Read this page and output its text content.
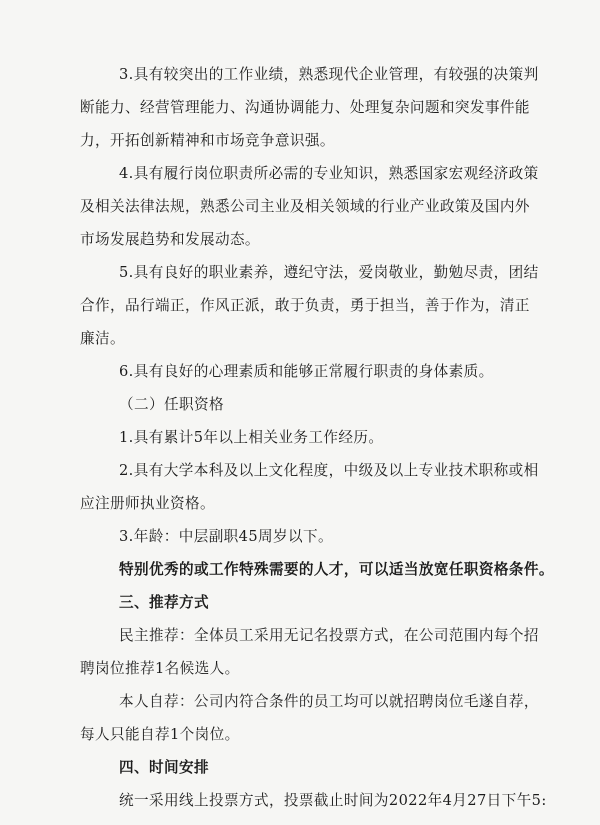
3.具有较突出的工作业绩，熟悉现代企业管理，有较强的决策判
断能力、经营管理能力、沟通协调能力、处理复杂问题和突发事件能
力，开拓创新精神和市场竞争意识强。
4.具有履行岗位职责所必需的专业知识，熟悉国家宏观经济政策
及相关法律法规，熟悉公司主业及相关领域的行业产业政策及国内外
市场发展趋势和发展动态。
5.具有良好的职业素养，遵纪守法，爱岗敬业，勤勉尽责，团结
合作，品行端正，作风正派，敢于负责，勇于担当，善于作为，清正
廉洁。
6.具有良好的心理素质和能够正常履行职责的身体素质。
（二）任职资格
1.具有累计5年以上相关业务工作经历。
2.具有大学本科及以上文化程度，中级及以上专业技术职称或相
应注册师执业资格。
3.年龄：中层副职45周岁以下。
特别优秀的或工作特殊需要的人才，可以适当放宽任职资格条件。
三、推荐方式
民主推荐：全体员工采用无记名投票方式，在公司范围内每个招
聘岗位推荐1名候选人。
本人自荐：公司内符合条件的员工均可以就招聘岗位毛遂自荐，
每人只能自荐1个岗位。
四、时间安排
统一采用线上投票方式，投票截止时间为2022年4月27日下午5:
